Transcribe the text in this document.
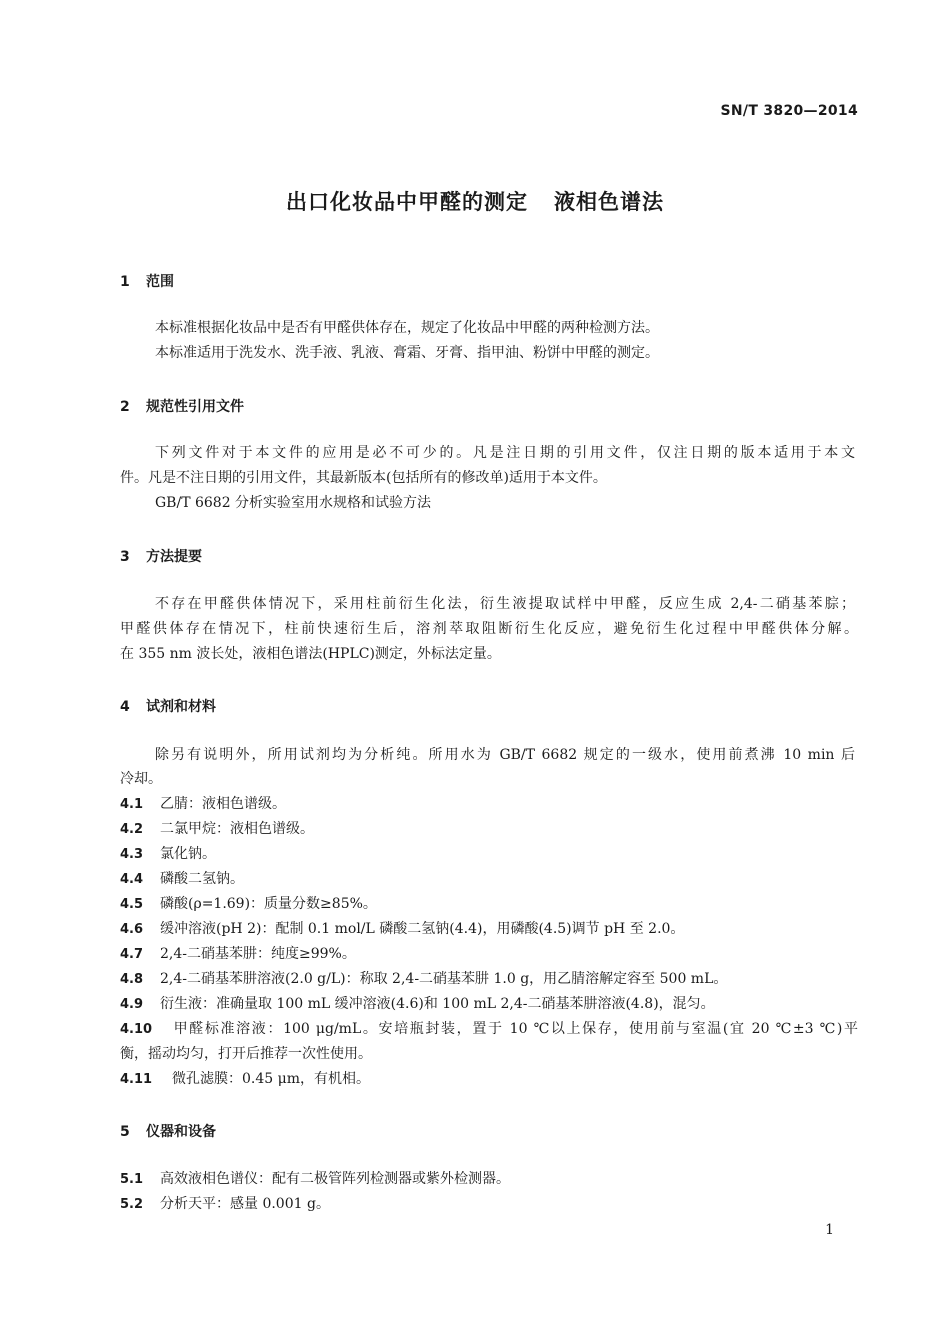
SN/T 3820—2014
出口化妆品中甲醛的测定 液相色谱法
1 范围
本标准根据化妆品中是否有甲醛供体存在，规定了化妆品中甲醛的两种检测方法。
本标准适用于洗发水、洗手液、乳液、膏霜、牙膏、指甲油、粉饼中甲醛的测定。
2 规范性引用文件
下列文件对于本文件的应用是必不可少的。凡是注日期的引用文件，仅注日期的版本适用于本文
件。凡是不注日期的引用文件，其最新版本(包括所有的修改单)适用于本文件。
GB/T 6682 分析实验室用水规格和试验方法
3 方法提要
不存在甲醛供体情况下，采用柱前衍生化法，衍生液提取试样中甲醛，反应生成 2,4-二硝基苯腙；
甲醛供体存在情况下，柱前快速衍生后，溶剂萃取阻断衍生化反应，避免衍生化过程中甲醛供体分解。
在 355 nm 波长处，液相色谱法(HPLC)测定，外标法定量。
4 试剂和材料
除另有说明外，所用试剂均为分析纯。所用水为 GB/T 6682 规定的一级水，使用前煮沸 10 min 后
冷却。
4.1 乙腈：液相色谱级。
4.2 二氯甲烷：液相色谱级。
4.3 氯化钠。
4.4 磷酸二氢钠。
4.5 磷酸(ρ=1.69)：质量分数≥85%。
4.6 缓冲溶液(pH 2)：配制 0.1 mol/L 磷酸二氢钠(4.4)，用磷酸(4.5)调节 pH 至 2.0。
4.7 2,4-二硝基苯肼：纯度≥99%。
4.8 2,4-二硝基苯肼溶液(2.0 g/L)：称取 2,4-二硝基苯肼 1.0 g，用乙腈溶解定容至 500 mL。
4.9 衍生液：准确量取 100 mL 缓冲溶液(4.6)和 100 mL 2,4-二硝基苯肼溶液(4.8)，混匀。
4.10 甲醛标准溶液：100 μg/mL。安培瓶封装，置于 10 ℃以上保存，使用前与室温(宜 20 ℃±3 ℃)平
衡，摇动均匀，打开后推荐一次性使用。
4.11 微孔滤膜：0.45 μm，有机相。
5 仪器和设备
5.1 高效液相色谱仪：配有二极管阵列检测器或紫外检测器。
5.2 分析天平：感量 0.001 g。
1
